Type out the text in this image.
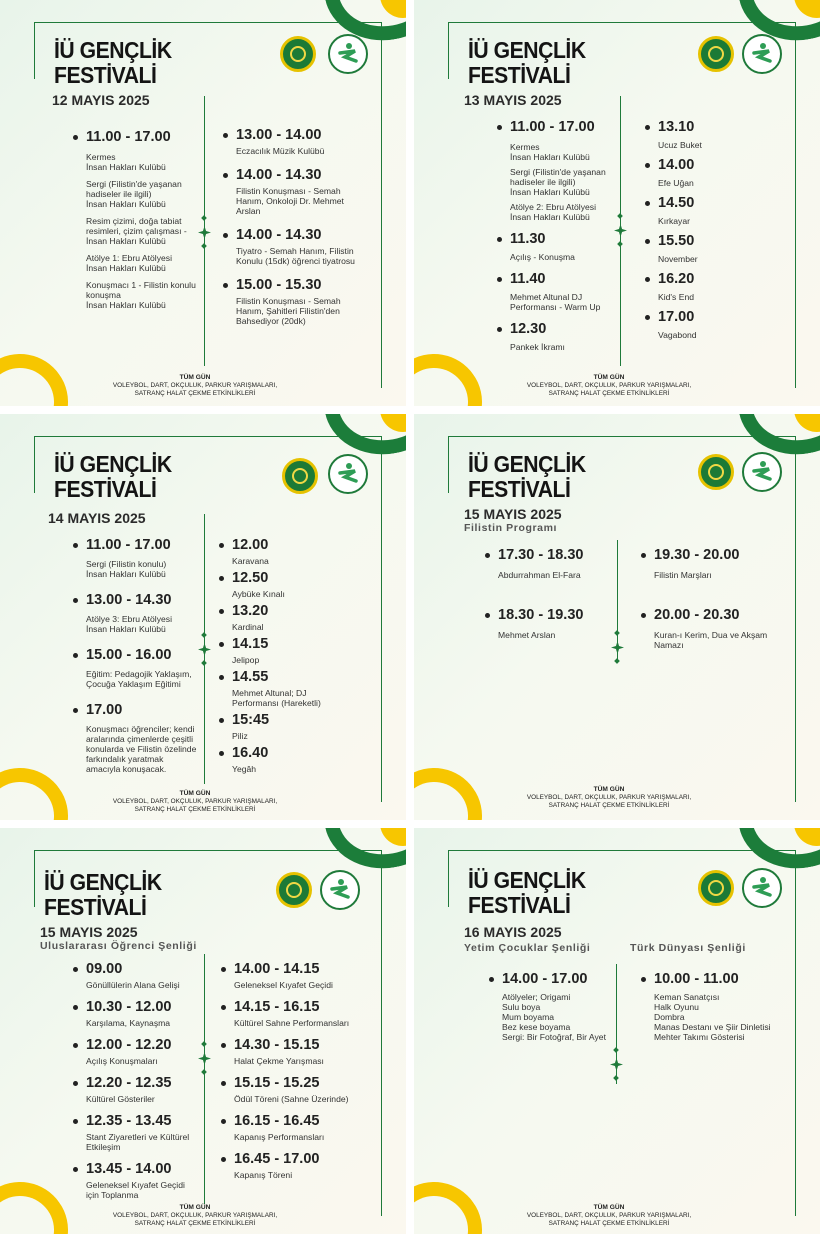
İÜ GENÇLİK FESTİVALİ
12 MAYIS 2025
11.00 - 17.00
Kermes
İnsan Hakları Kulübü
Sergi (Filistin'de yaşanan hadiseler ile ilgili)
İnsan Hakları Kulübü
Resim çizimi, doğa tabiat resimleri, çizim çalışması - İnsan Hakları Kulübü
Atölye 1: Ebru Atölyesi
İnsan Hakları Kulübü
Konuşmacı 1 - Filistin konulu konuşma
İnsan Hakları Kulübü
13.00 - 14.00
Eczacılık Müzik Kulübü
14.00 - 14.30
Filistin Konuşması - Semah Hanım, Onkoloji Dr. Mehmet Arslan
14.00 - 14.30
Tiyatro - Semah Hanım, Filistin Konulu (15dk) öğrenci tiyatrosu
15.00 - 15.30
Filistin Konuşması - Semah Hanım, Şahitleri Filistin'den Bahsediyor (20dk)
TÜM GÜN
VOLEYBOL, DART, OKÇULUK, PARKUR YARIŞMALARI,
SATRANÇ HALAT ÇEKME ETKİNLİKLERİ
İÜ GENÇLİK FESTİVALİ
13 MAYIS 2025
11.00 - 17.00
Kermes
İnsan Hakları Kulübü
Sergi (Filistin'de yaşanan hadiseler ile ilgili)
İnsan Hakları Kulübü
Atölye 2: Ebru Atölyesi
İnsan Hakları Kulübü
11.30
Açılış - Konuşma
11.40
Mehmet Altunal DJ Performansı - Warm Up
12.30
Pankek İkramı
13.10
Ucuz Buket
14.00
Efe Uğan
14.50
Kırkayar
15.50
November
16.20
Kid's End
17.00
Vagabond
TÜM GÜN
VOLEYBOL, DART, OKÇULUK, PARKUR YARIŞMALARI,
SATRANÇ HALAT ÇEKME ETKİNLİKLERİ
İÜ GENÇLİK FESTİVALİ
14 MAYIS 2025
11.00 - 17.00
Sergi (Filistin konulu)
İnsan Hakları Kulübü
13.00 - 14.30
Atölye 3: Ebru Atölyesi
İnsan Hakları Kulübü
15.00 - 16.00
Eğitim: Pedagojik Yaklaşım, Çocuğa Yaklaşım Eğitimi
17.00
Konuşmacı öğrenciler; kendi aralarında çimenlerde çeşitli konularda ve Filistin özelinde farkındalık yaratmak amacıyla konuşacak.
12.00
Karavana
12.50
Aybüke Kınalı
13.20
Kardinal
14.15
Jelipop
14.55
Mehmet Altunal; DJ Performansı (Hareketli)
15:45
Piliz
16.40
Yegâh
TÜM GÜN
VOLEYBOL, DART, OKÇULUK, PARKUR YARIŞMALARI,
SATRANÇ HALAT ÇEKME ETKİNLİKLERİ
İÜ GENÇLİK FESTİVALİ
15 MAYIS 2025
Filistin Programı
17.30 - 18.30
Abdurrahman El-Fara
18.30 - 19.30
Mehmet Arslan
19.30 - 20.00
Filistin Marşları
20.00 - 20.30
Kuran-ı Kerim, Dua ve Akşam Namazı
TÜM GÜN
VOLEYBOL, DART, OKÇULUK, PARKUR YARIŞMALARI,
SATRANÇ HALAT ÇEKME ETKİNLİKLERİ
İÜ GENÇLİK FESTİVALİ
15 MAYIS 2025
Uluslararası Öğrenci Şenliği
09.00
Gönüllülerin Alana Gelişi
10.30 - 12.00
Karşılama, Kaynaşma
12.00 - 12.20
Açılış Konuşmaları
12.20 - 12.35
Kültürel Gösteriler
12.35 - 13.45
Stant Ziyaretleri ve Kültürel Etkileşim
13.45 - 14.00
Geleneksel Kıyafet Geçidi için Toplanma
14.00 - 14.15
Geleneksel Kıyafet Geçidi
14.15 - 16.15
Kültürel Sahne Performansları
14.30 - 15.15
Halat Çekme Yarışması
15.15 - 15.25
Ödül Töreni (Sahne Üzerinde)
16.15 - 16.45
Kapanış Performansları
16.45 - 17.00
Kapanış Töreni
TÜM GÜN
VOLEYBOL, DART, OKÇULUK, PARKUR YARIŞMALARI,
SATRANÇ HALAT ÇEKME ETKİNLİKLERİ
İÜ GENÇLİK FESTİVALİ
16 MAYIS 2025
Yetim Çocuklar Şenliği	Türk Dünyası Şenliği
14.00 - 17.00
Atölyeler; Origami
Sulu boya
Mum boyama
Bez kese boyama
Sergi: Bir Fotoğraf, Bir Ayet
10.00 - 11.00
Keman Sanatçısı
Halk Oyunu
Dombra
Manas Destanı ve Şiir Dinletisi
Mehter Takımı Gösterisi
TÜM GÜN
VOLEYBOL, DART, OKÇULUK, PARKUR YARIŞMALARI,
SATRANÇ HALAT ÇEKME ETKİNLİKLERİ
